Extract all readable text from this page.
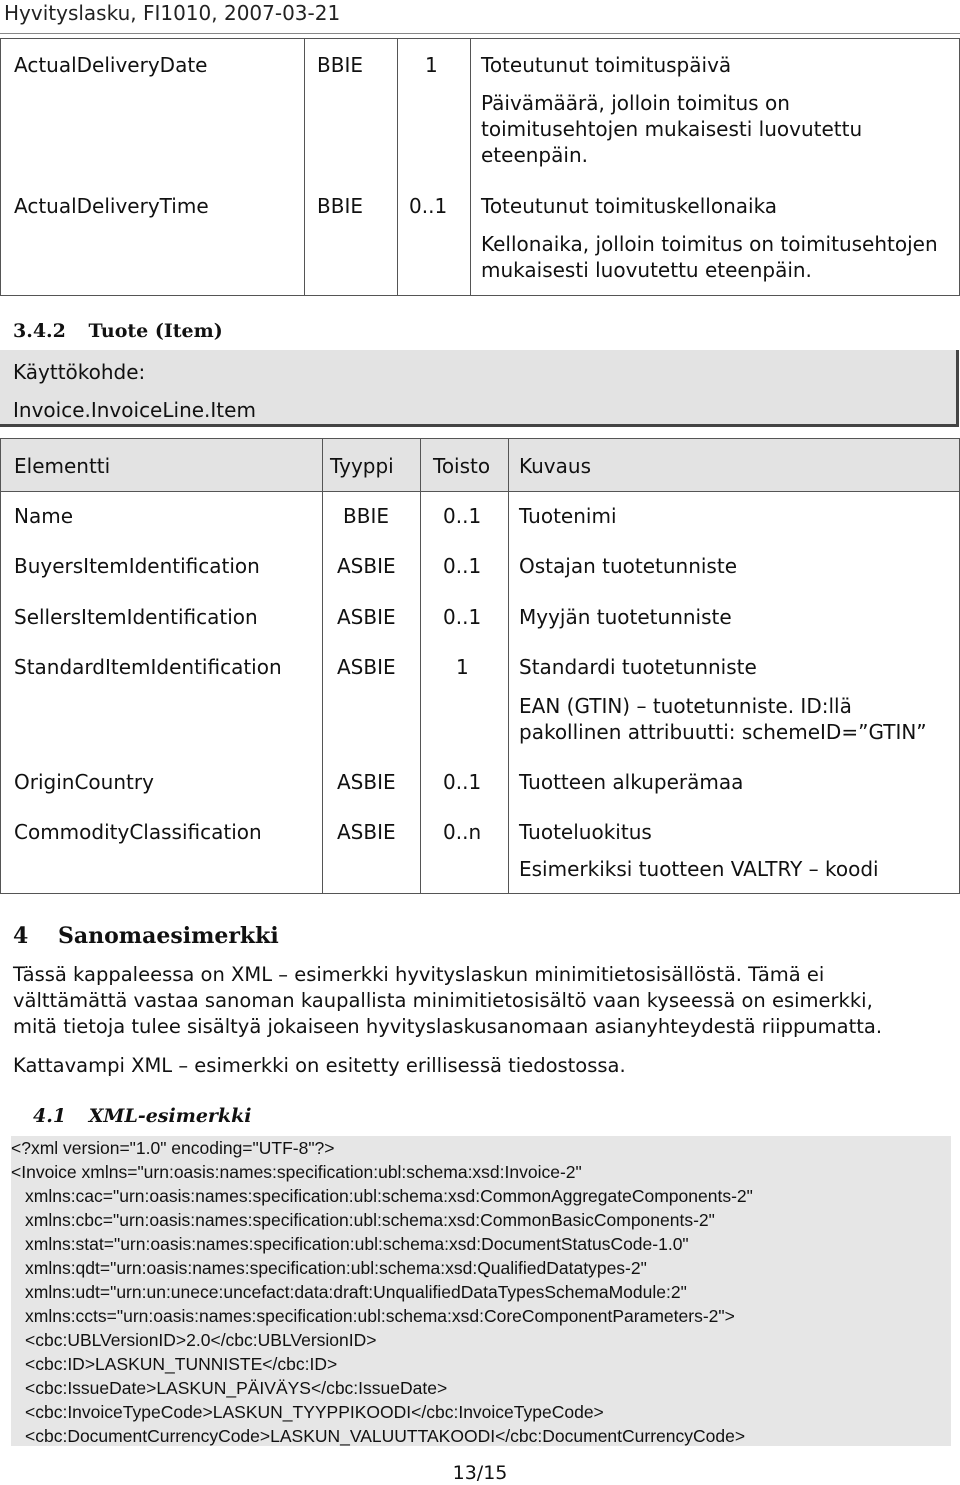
Hyvityslasku, FI1010, 2007-03-21
ActualDeliveryDate	BBIE	1 Toteutunut toimituspäivä
Päivämäärä, jolloin toimitus on
toimitusehtojen mukaisesti luovutettu
eteenpäin.
ActualDeliveryTime	BBIE 0..1 Toteutunut toimituskellonaika
Kellonaika, jolloin toimitus on toimitusehtojen
mukaisesti luovutettu eteenpäin.
3.4.2 Tuote (Item)
Käyttökohde:
Invoice.InvoiceLine.Item
Elementti	Tyyppi Toisto Kuvaus
Name	BBIE	0..1 Tuotenimi
BuyersItemIdentification	ASBIE 0..1 Ostajan tuotetunniste
SellersItemIdentification	ASBIE 0..1 Myyjän tuotetunniste
StandardItemIdentification	ASBIE	1	Standardi tuotetunniste
EAN (GTIN) – tuotetunniste. ID:llä
pakollinen attribuutti: schemeID=”GTIN”
OriginCountry	ASBIE 0..1 Tuotteen alkuperämaa
CommodityClassification	ASBIE 0..n Tuoteluokitus
Esimerkiksi tuotteen VALTRY – koodi
4 Sanomaesimerkki
Tässä kappaleessa on XML – esimerkki hyvityslaskun minimitietosisällöstä. Tämä ei
välttämättä vastaa sanoman kaupallista minimitietosisältö vaan kyseessä on esimerkki,
mitä tietoja tulee sisältyä jokaiseen hyvityslaskusanomaan asianyhteydestä riippumatta.
Kattavampi XML – esimerkki on esitetty erillisessä tiedostossa.
4.1 XML-esimerkki
<?xml version="1.0" encoding="UTF-8"?>
<Invoice xmlns="urn:oasis:names:specification:ubl:schema:xsd:Invoice-2"
xmlns:cac="urn:oasis:names:specification:ubl:schema:xsd:CommonAggregateComponents-2"
xmlns:cbc="urn:oasis:names:specification:ubl:schema:xsd:CommonBasicComponents-2"
xmlns:stat="urn:oasis:names:specification:ubl:schema:xsd:DocumentStatusCode-1.0"
xmlns:qdt="urn:oasis:names:specification:ubl:schema:xsd:QualifiedDatatypes-2"
xmlns:udt="urn:un:unece:uncefact:data:draft:UnqualifiedDataTypesSchemaModule:2"
xmlns:ccts="urn:oasis:names:specification:ubl:schema:xsd:CoreComponentParameters-2">
<cbc:UBLVersionID>2.0</cbc:UBLVersionID>
<cbc:ID>LASKUN_TUNNISTE</cbc:ID>
<cbc:IssueDate>LASKUN_PÄIVÄYS</cbc:IssueDate>
<cbc:InvoiceTypeCode>LASKUN_TYYPPIKOODI</cbc:InvoiceTypeCode>
<cbc:DocumentCurrencyCode>LASKUN_VALUUTTAKOODI</cbc:DocumentCurrencyCode>
13/15
